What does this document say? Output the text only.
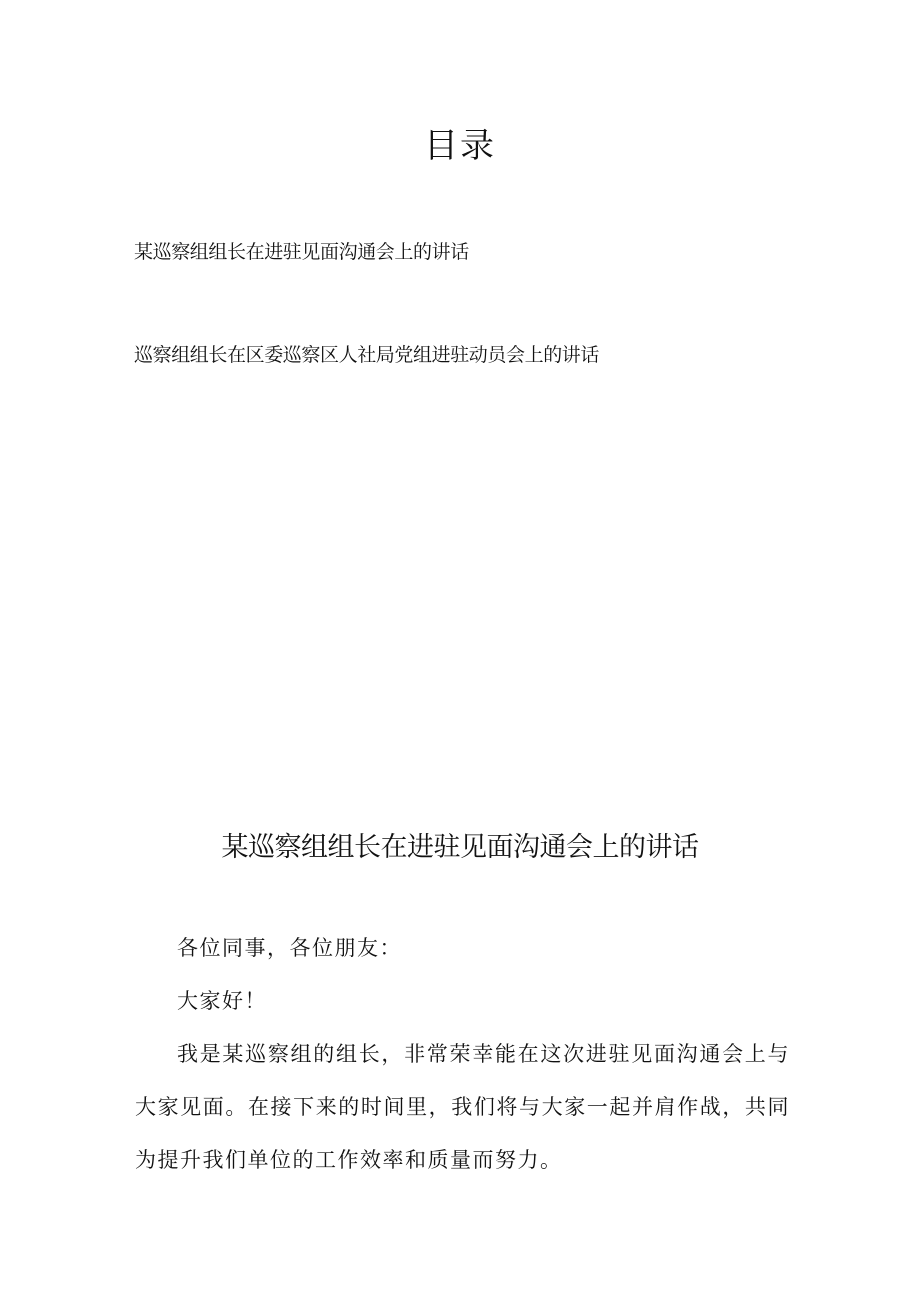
目录
某巡察组组长在进驻见面沟通会上的讲话
巡察组组长在区委巡察区人社局党组进驻动员会上的讲话
某巡察组组长在进驻见面沟通会上的讲话

各位同事，各位朋友：

大家好！

我是某巡察组的组长，非常荣幸能在这次进驻见面沟通会上与大家见面。在接下来的时间里，我们将与大家一起并肩作战，共同为提升我们单位的工作效率和质量而努力。
